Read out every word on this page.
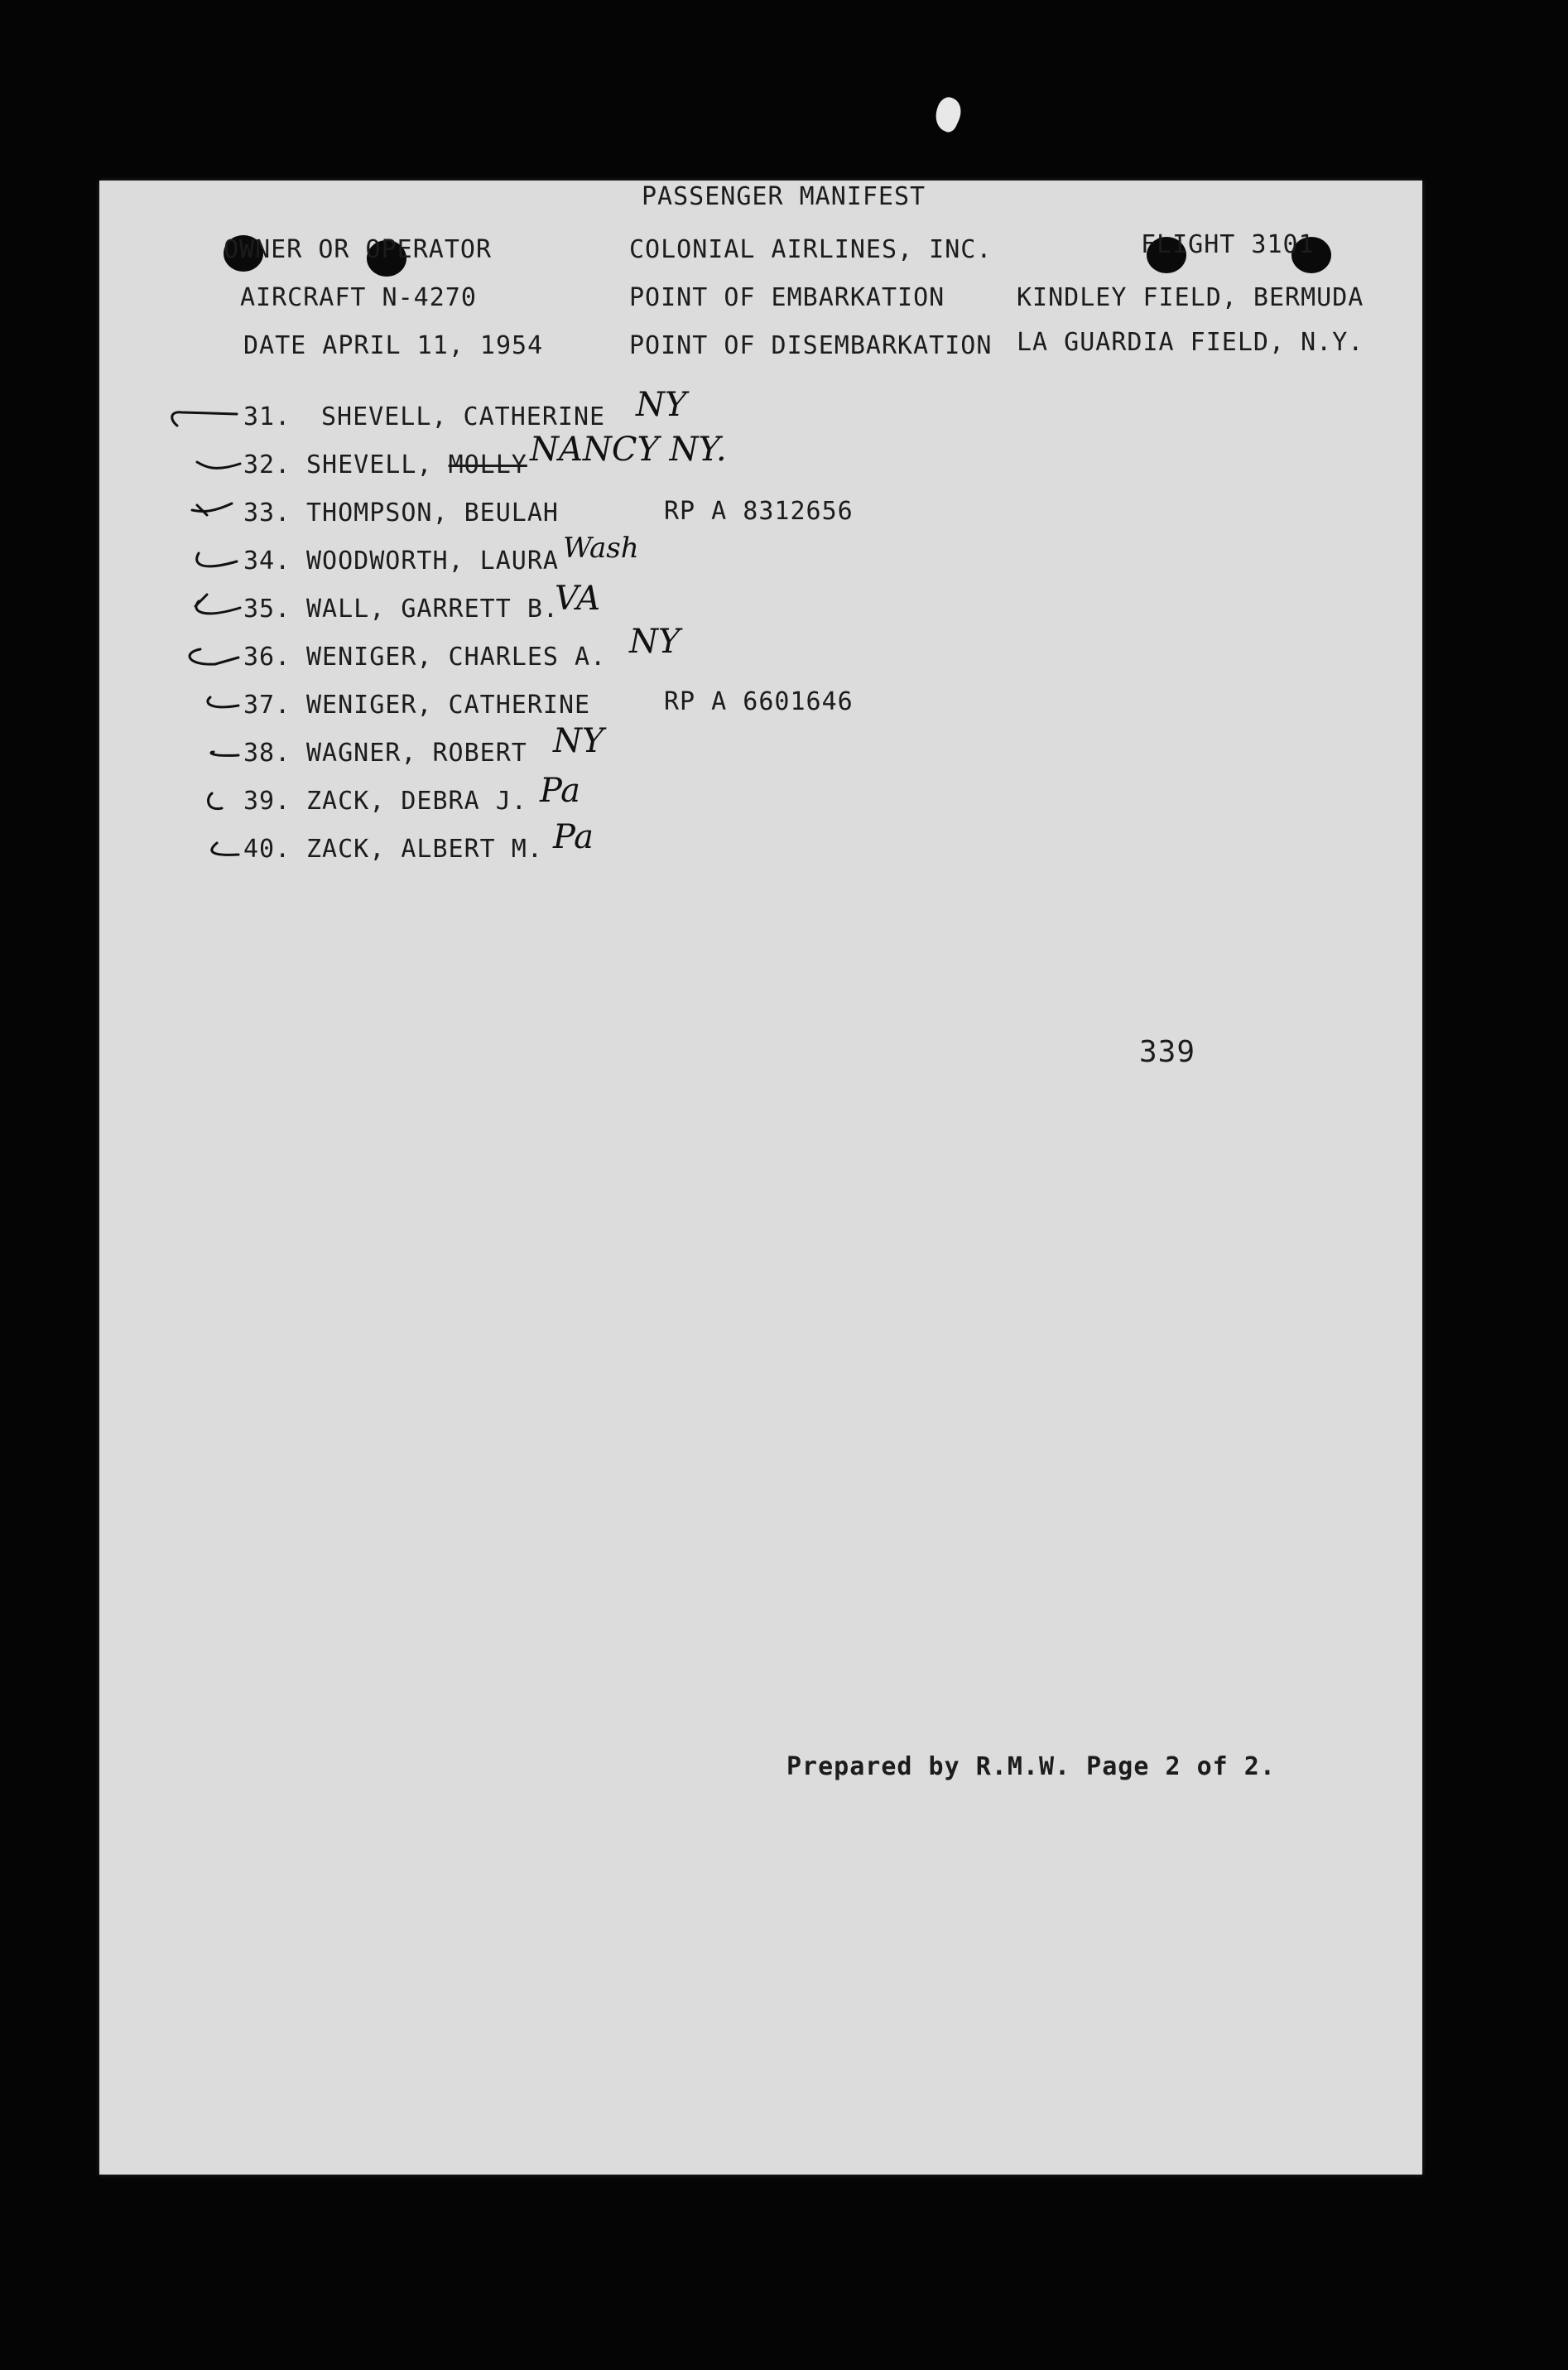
PASSENGER MANIFEST
OWNER OR OPERATOR
AIRCRAFT N-4270
DATE APRIL 11, 1954
COLONIAL AIRLINES, INC.
POINT OF EMBARKATION
POINT OF DISEMBARKATION
FLIGHT 3101
KINDLEY FIELD, BERMUDA
LA GUARDIA FIELD, N.Y.
31. SHEVELL, CATHERINE NY
32. SHEVELL, MOLLY NANCY NY.
33. THOMPSON, BEULAH	RP A 8312656
34. WOODWORTH, LAURA Wash
35. WALL, GARRETT B.
VA
36. WENIGER, CHARLES A. NY
37. WENIGER, CATHERINE	RP A 6601646
38. WAGNER, ROBERT NY
39. ZACK, DEBRA J. Pa
40. ZACK, ALBERT M. Pa
339
Prepared by R.M.W. Page 2 of 2.
